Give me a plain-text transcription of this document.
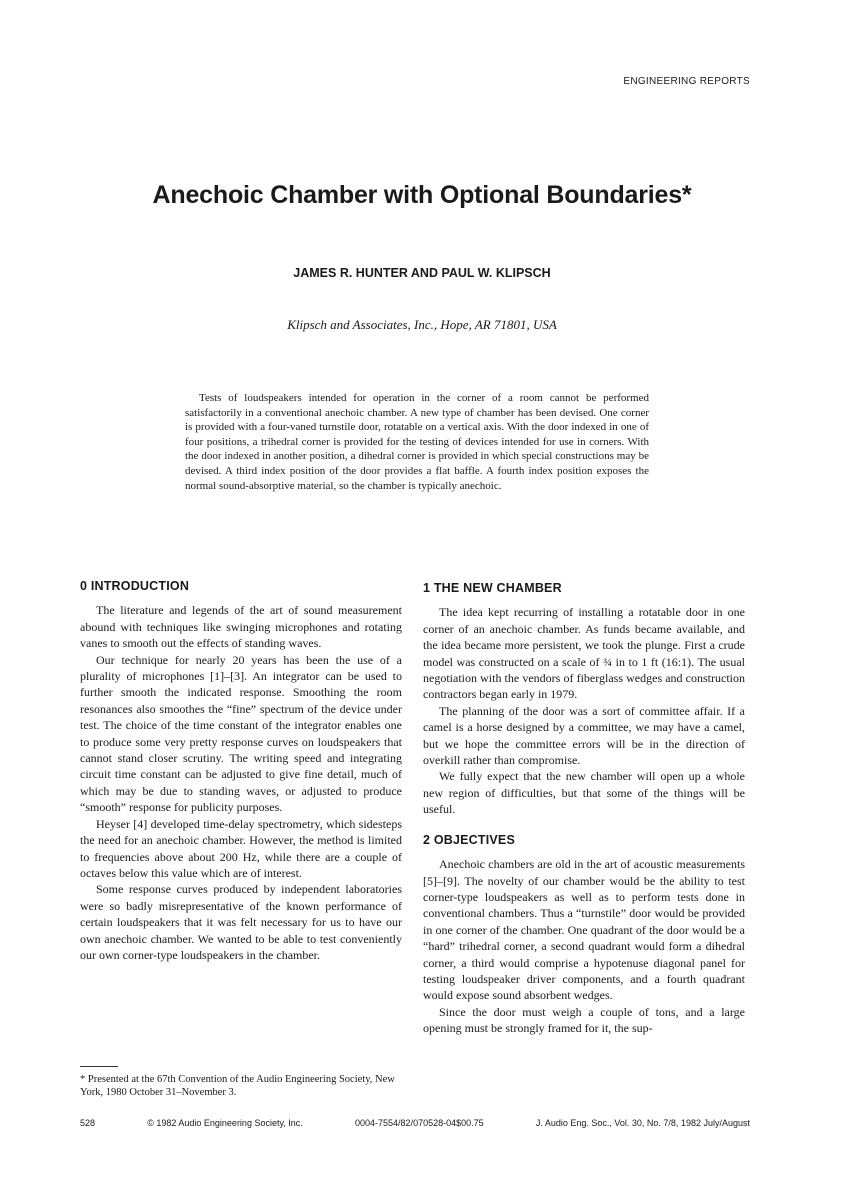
ENGINEERING REPORTS
Anechoic Chamber with Optional Boundaries*
JAMES R. HUNTER AND PAUL W. KLIPSCH
Klipsch and Associates, Inc., Hope, AR 71801, USA

Tests of loudspeakers intended for operation in the corner of a room cannot be performed satisfactorily in a conventional anechoic chamber. A new type of chamber has been devised. One corner is provided with a four-vaned turnstile door, rotatable on a vertical axis. With the door indexed in one of four positions, a trihedral corner is provided for the testing of devices intended for use in corners. With the door indexed in another position, a dihedral corner is provided in which special constructions may be devised. A third index position of the door provides a flat baffle. A fourth index position exposes the normal sound-absorptive material, so the chamber is typically anechoic.

0 INTRODUCTION

The literature and legends of the art of sound measurement abound with techniques like swinging microphones and rotating vanes to smooth out the effects of standing waves.

Our technique for nearly 20 years has been the use of a plurality of microphones [1]–[3]. An integrator can be used to further smooth the indicated response. Smoothing the room resonances also smoothes the “fine” spectrum of the device under test. The choice of the time constant of the integrator enables one to produce some very pretty response curves on loudspeakers that cannot stand closer scrutiny. The writing speed and integrating circuit time constant can be adjusted to give fine detail, much of which may be due to standing waves, or adjusted to produce “smooth” response for publicity purposes.

Heyser [4] developed time-delay spectrometry, which sidesteps the need for an anechoic chamber. However, the method is limited to frequencies above about 200 Hz, while there are a couple of octaves below this value which are of interest.

Some response curves produced by independent laboratories were so badly misrepresentative of the known performance of certain loudspeakers that it was felt necessary for us to have our own anechoic chamber. We wanted to be able to test conveniently our own corner-type loudspeakers in the chamber.

1 THE NEW CHAMBER

The idea kept recurring of installing a rotatable door in one corner of an anechoic chamber. As funds became available, and the idea became more persistent, we took the plunge. First a crude model was constructed on a scale of ¾ in to 1 ft (16:1). The usual negotiation with the vendors of fiberglass wedges and construction contractors began early in 1979.

The planning of the door was a sort of committee affair. If a camel is a horse designed by a committee, we may have a camel, but we hope the committee errors will be in the direction of overkill rather than compromise.

We fully expect that the new chamber will open up a whole new region of difficulties, but that some of the things will be useful.

2 OBJECTIVES

Anechoic chambers are old in the art of acoustic measurements [5]–[9]. The novelty of our chamber would be the ability to test corner-type loudspeakers as well as to perform tests done in conventional chambers. Thus a “turnstile” door would be provided in one corner of the chamber. One quadrant of the door would be a “hard” trihedral corner, a second quadrant would form a dihedral corner, a third would comprise a hypotenuse diagonal panel for testing loudspeaker driver components, and a fourth quadrant would expose sound absorbent wedges.

Since the door must weigh a couple of tons, and a large opening must be strongly framed for it, the sup-

* Presented at the 67th Convention of the Audio Engineering Society, New York, 1980 October 31–November 3.
528	© 1982 Audio Engineering Society, Inc.	0004-7554/82/070528-04$00.75	J. Audio Eng. Soc., Vol. 30, No. 7/8, 1982 July/August
